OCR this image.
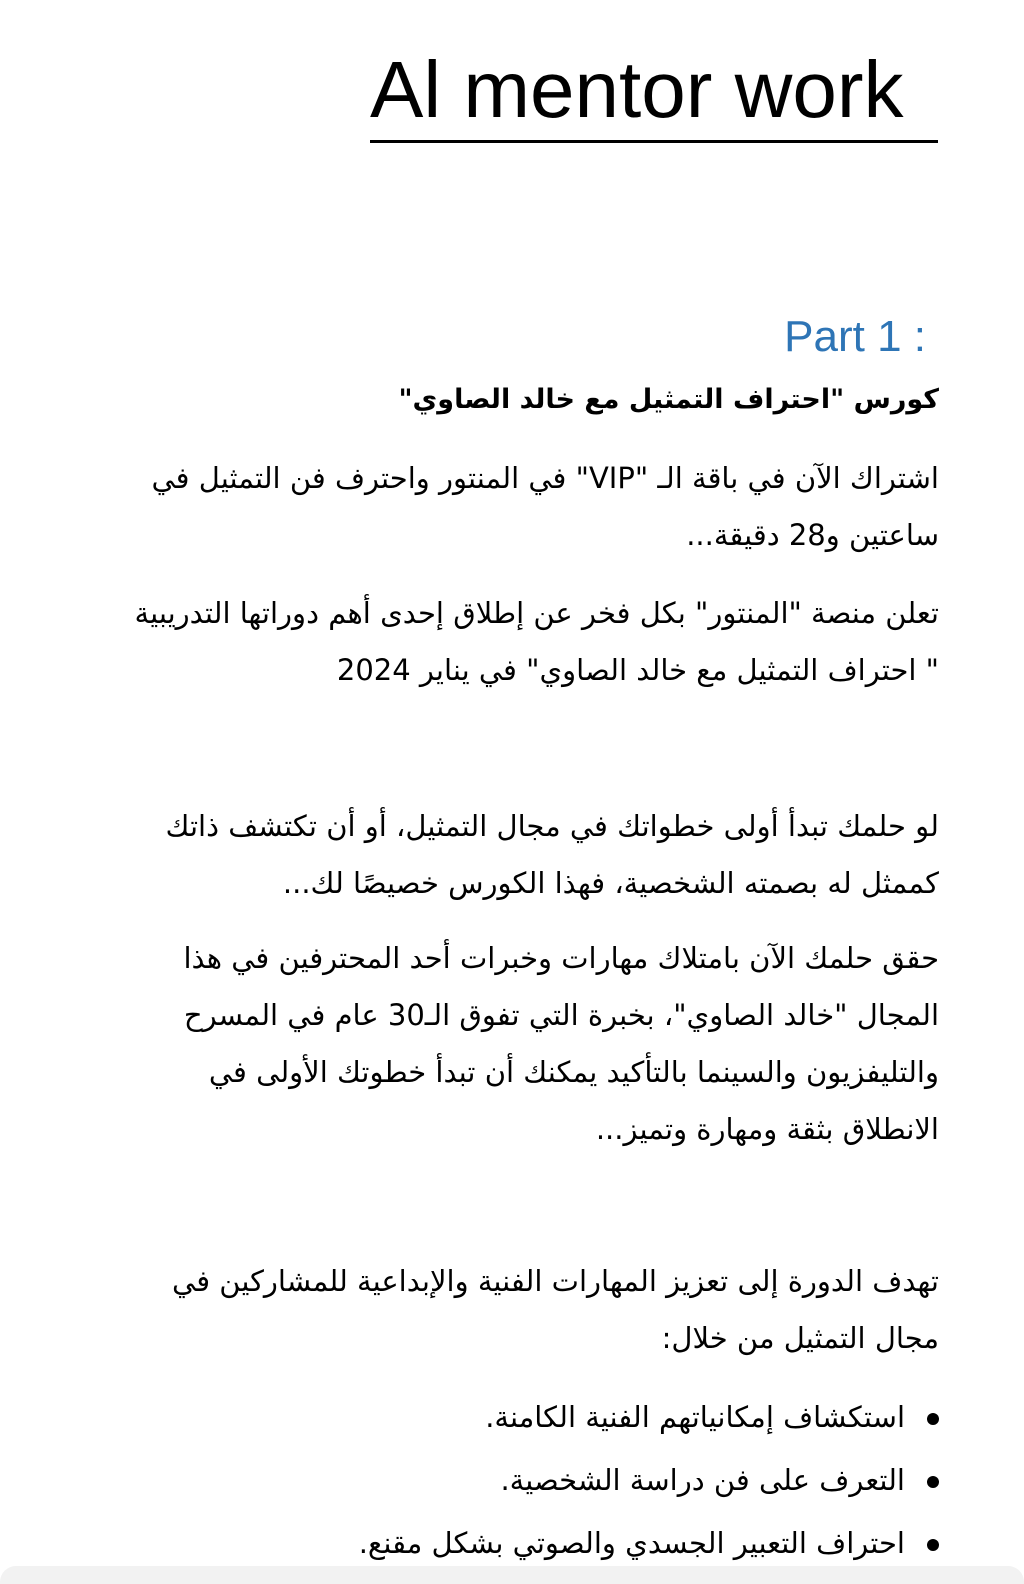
Al mentor work
Part 1 :
كورس "احتراف التمثيل مع خالد الصاوي"
اشتراك الآن في باقة الـ "VIP" في المنتور واحترف فن التمثيل في ساعتين و28 دقيقة...
تعلن منصة "المنتور" بكل فخر عن إطلاق إحدى أهم دوراتها التدريبية " احتراف التمثيل مع خالد الصاوي" في يناير 2024
لو حلمك تبدأ أولى خطواتك في مجال التمثيل، أو أن تكتشف ذاتك كممثل له بصمته الشخصية، فهذا الكورس خصيصًا لك...
حقق حلمك الآن بامتلاك مهارات وخبرات أحد المحترفين في هذا المجال "خالد الصاوي"، بخبرة التي تفوق الـ30 عام في المسرح والتليفزيون والسينما بالتأكيد يمكنك أن تبدأ خطوتك الأولى في الانطلاق بثقة ومهارة وتميز...
تهدف الدورة إلى تعزيز المهارات الفنية والإبداعية للمشاركين في مجال التمثيل من خلال:
استكشاف إمكانياتهم الفنية الكامنة.
التعرف على فن دراسة الشخصية.
احتراف التعبير الجسدي والصوتي بشكل مقنع.
